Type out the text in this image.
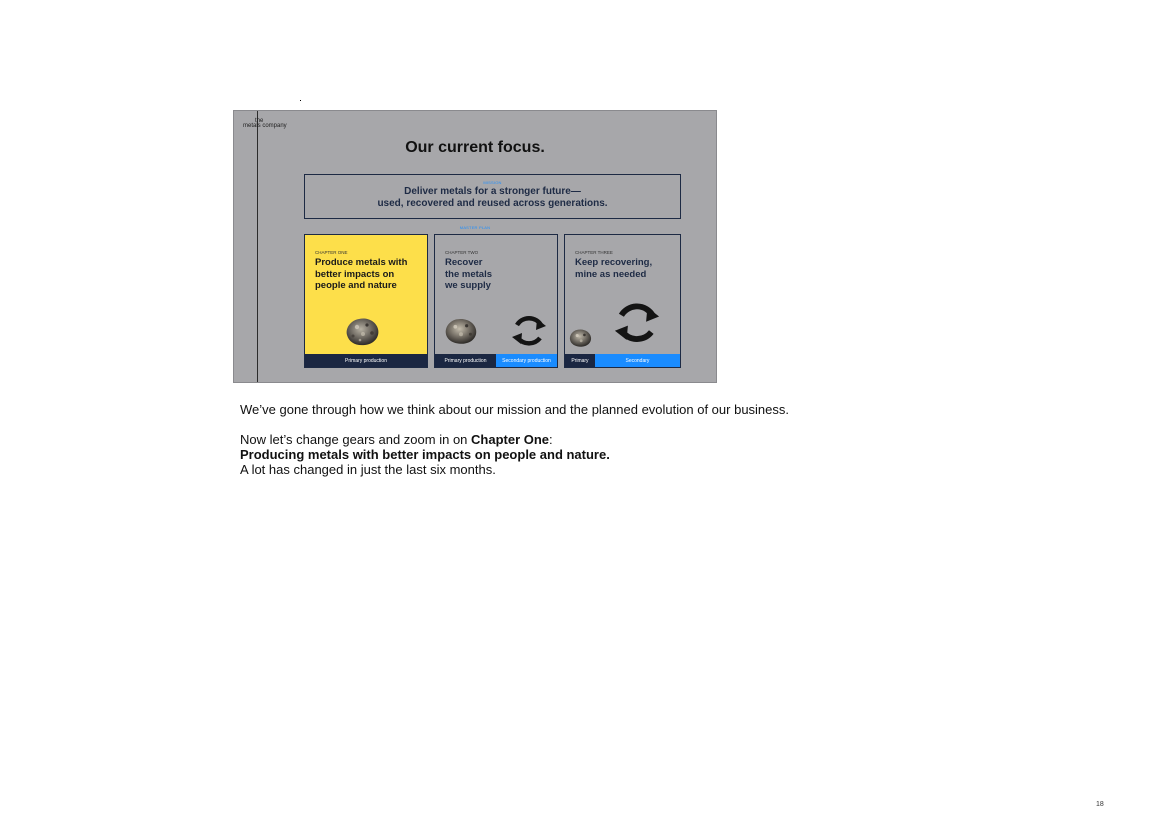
the
metals company
Our current focus.
MISSION
Deliver metals for a stronger future—
used, recovered and reused across generations.
MASTER PLAN
CHAPTER ONE
Produce metals with
better impacts on
people and nature
Primary production
CHAPTER TWO
Recover
the metals
we supply
Primary production	Secondary production
CHAPTER THREE
Keep recovering,
mine as needed
Primary	Secondary

We’ve gone through how we think about our mission and the planned evolution of our business.

Now let’s change gears and zoom in on Chapter One:

Producing metals with better impacts on people and nature.

A lot has changed in just the last six months.

18
